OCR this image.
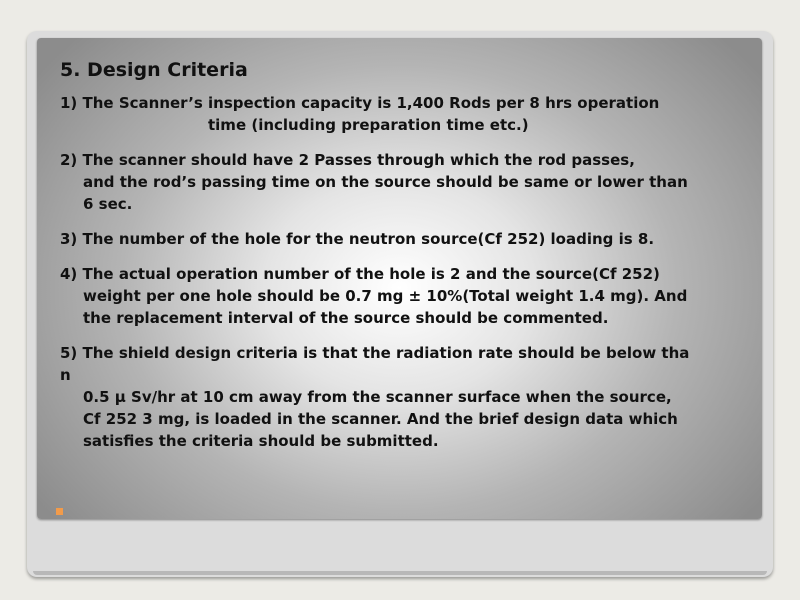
5. Design Criteria
1) The Scanner’s inspection capacity is 1,400 Rods per 8 hrs operation
time (including preparation time etc.)
2) The scanner should have 2 Passes through which the rod passes,
and the rod’s passing time on the source should be same or lower than
6 sec.
3) The number of the hole for the neutron source(Cf 252) loading is 8.
4) The actual operation number of the hole is 2 and the source(Cf 252)
weight per one hole should be 0.7 mg ± 10%(Total weight 1.4 mg). And
the replacement interval of the source should be commented.
5) The shield design criteria is that the radiation rate should be below tha
n
0.5 μ Sv/hr at 10 cm away from the scanner surface when the source,
Cf 252 3 mg, is loaded in the scanner. And the brief design data which
satisfies the criteria should be submitted.
